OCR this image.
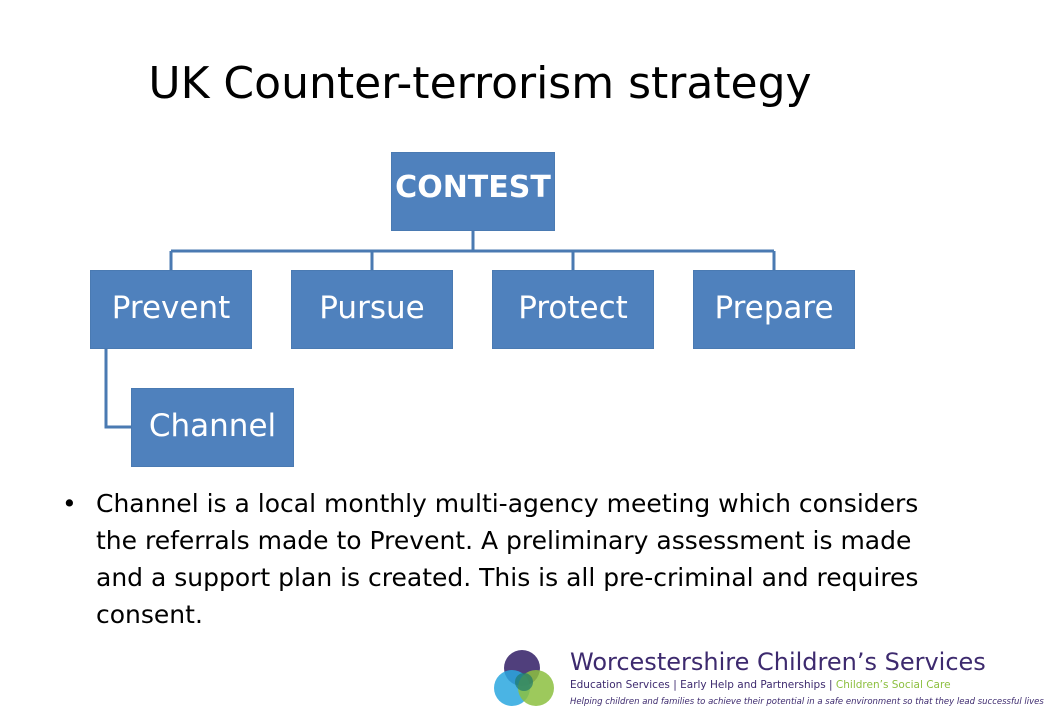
UK Counter-terrorism strategy
CONTEST
Prevent	Pursue	Protect	Prepare
Channel
• Channel is a local monthly multi-agency meeting which considers the referrals made to Prevent. A preliminary assessment is made and a support plan is created. This is all pre-criminal and requires consent.
Worcestershire Children’s Services
Education Services | Early Help and Partnerships | Children’s Social Care
Helping children and families to achieve their potential in a safe environment so that they lead successful lives
